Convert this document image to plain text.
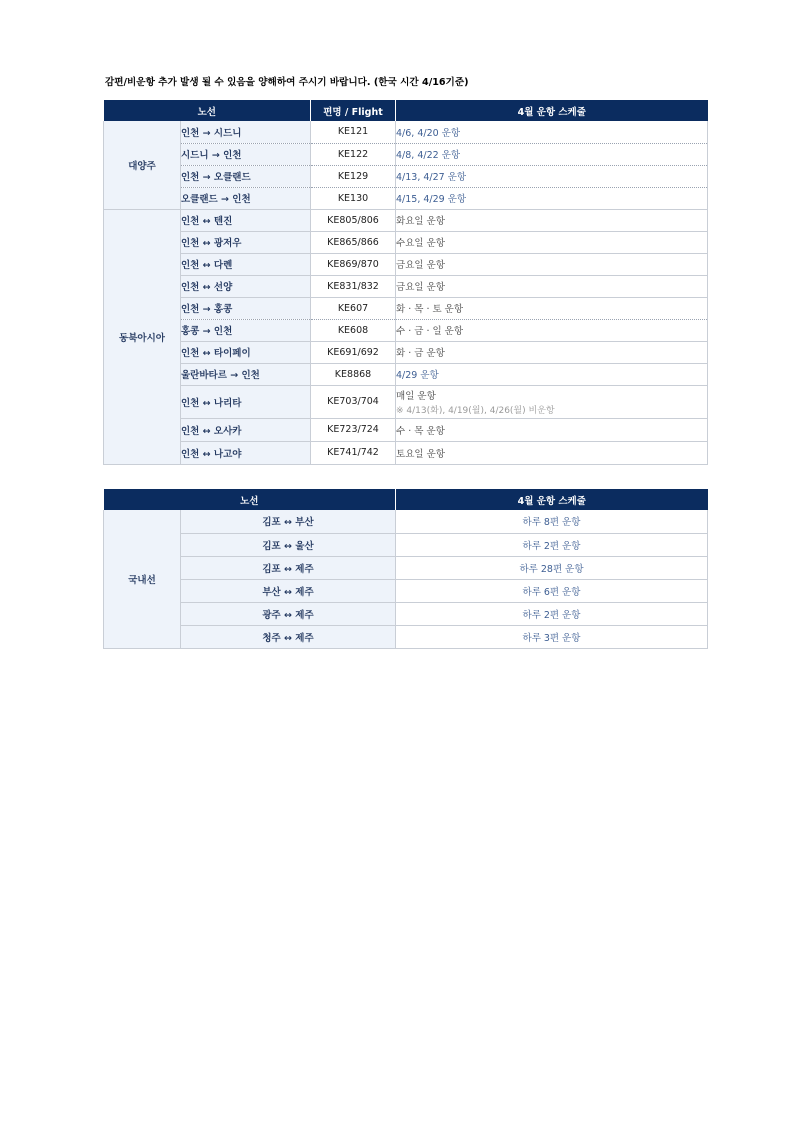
감편/비운항 추가 발생 될 수 있음을 양해하여 주시기 바랍니다. (한국 시간 4/16기준)
노선		편명 / Flight	4월 운항 스케줄
대양주	인천 → 시드니	KE121	4/6, 4/20 운항
	시드니 → 인천	KE122	4/8, 4/22 운항
	인천 → 오클랜드	KE129	4/13, 4/27 운항
	오클랜드 → 인천	KE130	4/15, 4/29 운항
동북아시아	인천 ↔ 텐진	KE805/806	화요일 운항
	인천 ↔ 광저우	KE865/866	수요일 운항
	인천 ↔ 다롄	KE869/870	금요일 운항
	인천 ↔ 선양	KE831/832	금요일 운항
	인천 → 홍콩	KE607	화 · 목 · 토 운항
	홍콩 → 인천	KE608	수 · 금 · 일 운항
	인천 ↔ 타이페이	KE691/692	화 · 금 운항
	울란바타르 → 인천	KE8868	4/29 운항
	인천 ↔ 나리타	KE703/704	매일 운항
※ 4/13(화), 4/19(월), 4/26(월) 비운항

	인천 ↔ 오사카	KE723/724	수 · 목 운항
	인천 ↔ 나고야	KE741/742	토요일 운항
노선		4월 운항 스케줄
국내선	김포 ↔ 부산	하루 8편 운항
	김포 ↔ 울산	하루 2편 운항
	김포 ↔ 제주	하루 28편 운항
	부산 ↔ 제주	하루 6편 운항
	광주 ↔ 제주	하루 2편 운항
	청주 ↔ 제주	하루 3편 운항
